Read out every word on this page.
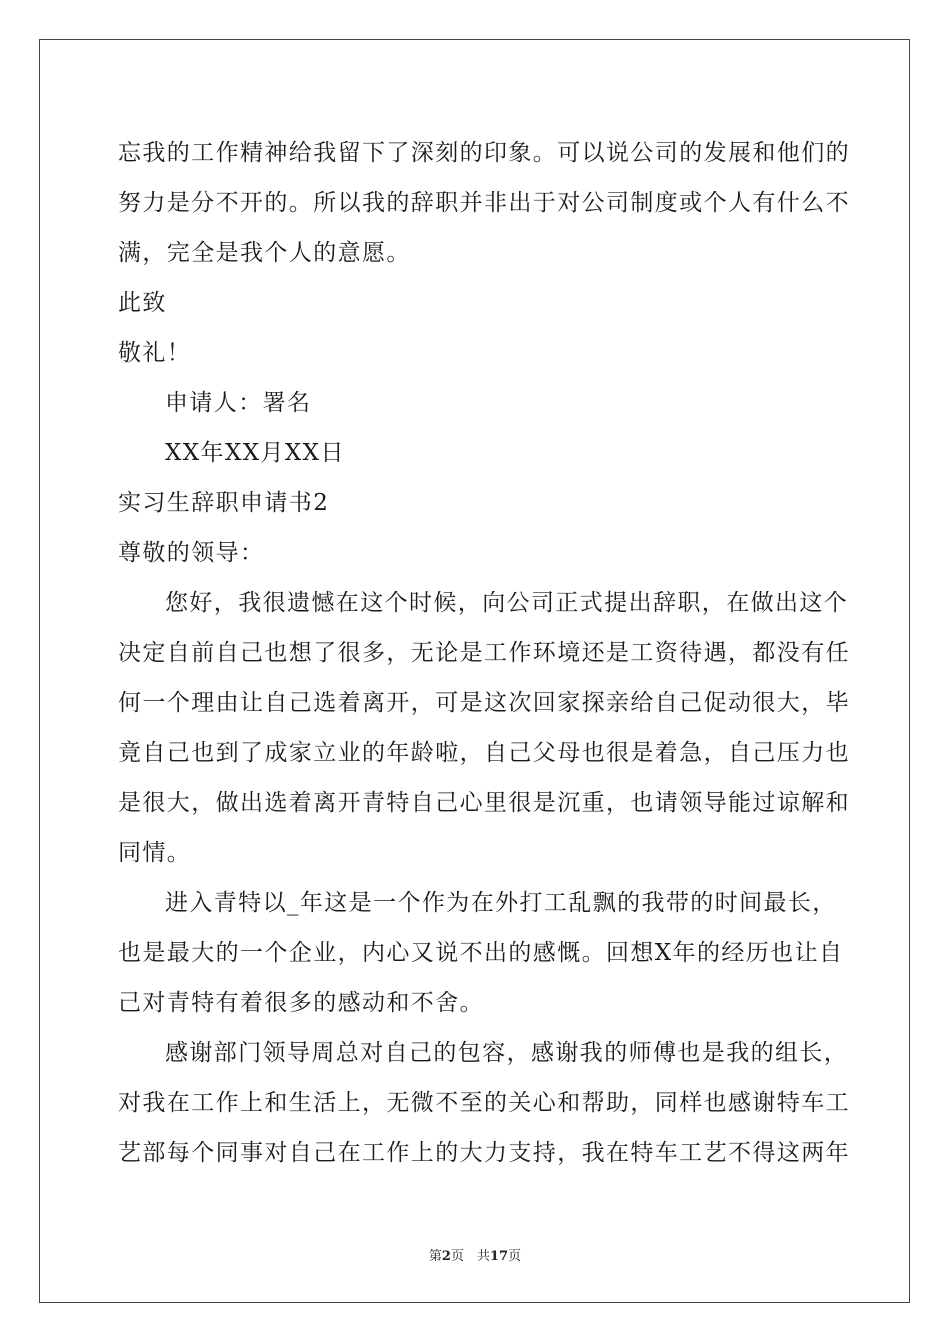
忘我的工作精神给我留下了深刻的印象。可以说公司的发展和他们的
努力是分不开的。所以我的辞职并非出于对公司制度或个人有什么不
满，完全是我个人的意愿。
此致
敬礼！
申请人：署名
XX年XX月XX日
实习生辞职申请书2
尊敬的领导：
您好，我很遗憾在这个时候，向公司正式提出辞职，在做出这个
决定自前自己也想了很多，无论是工作环境还是工资待遇，都没有任
何一个理由让自己选着离开，可是这次回家探亲给自己促动很大，毕
竟自己也到了成家立业的年龄啦，自己父母也很是着急，自己压力也
是很大，做出选着离开青特自己心里很是沉重，也请领导能过谅解和
同情。
进入青特以_年这是一个作为在外打工乱飘的我带的时间最长，
也是最大的一个企业，内心又说不出的感慨。回想X年的经历也让自
己对青特有着很多的感动和不舍。
感谢部门领导周总对自己的包容，感谢我的师傅也是我的组长，
对我在工作上和生活上，无微不至的关心和帮助，同样也感谢特车工
艺部每个同事对自己在工作上的大力支持，我在特车工艺不得这两年
第2页　共17页
